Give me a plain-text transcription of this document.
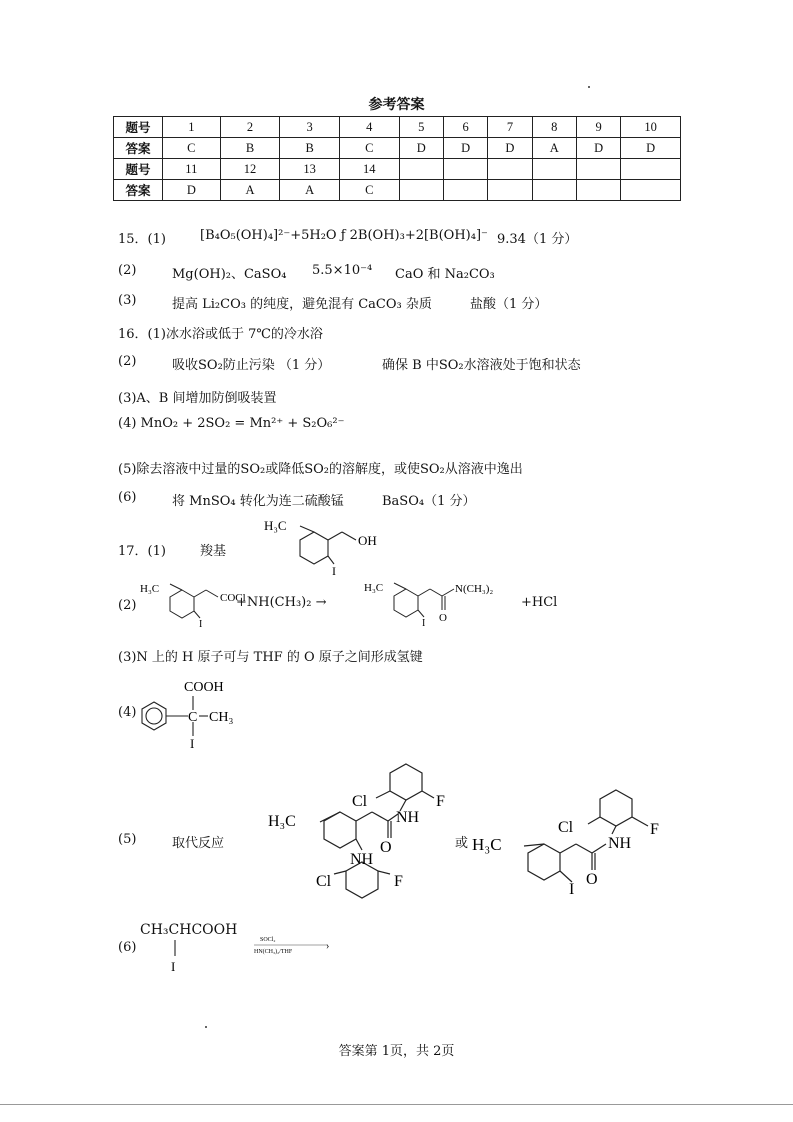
参考答案
题号	1	2	3	4	5	6	7	8	9	10
答案	C	B	B	C	D	D	D	A	D	D
题号	11	12	13	14						
答案	D	A	A	C						
15．(1)	[B₄O₅(OH)₄]²⁻+5H₂O ƒ 2B(OH)₃+2[B(OH)₄]⁻ 9.34（1 分）
(2)	Mg(OH)₂、CaSO₄ 5.5×10⁻⁴ CaO 和 Na₂CO₃
(3)	提高 Li₂CO₃ 的纯度，避免混有 CaCO₃ 杂质	盐酸（1 分）
16．(1)冰水浴或低于 7℃的冷水浴
(2)	吸收SO₂防止污染 （1 分）	确保 B 中SO₂水溶液处于饱和状态
(3)A、B 间增加防倒吸装置
(4) MnO₂ + 2SO₂ = Mn²⁺ + S₂O₆²⁻
(5)除去溶液中过量的SO₂或降低SO₂的溶解度，或使SO₂从溶液中逸出
(6)	将 MnSO₄ 转化为连二硫酸锰	BaSO₄（1 分）
17．(1)	羧基
H₃C
OH
I
(2)
H₃C
COCl
I
+NH(CH₃)₂ →
H₃C	N(CH₃)₂
O
I
+HCl
(3)N 上的 H 原子可与 THF 的 O 原子之间形成氢键
(4)
COOH
C CH₃
I
(5)	取代反应
H₃C
Cl	F
NH
O
NH
Cl	F
或 H₃C
Cl	F
NH
O
I
(6)
CH₃CHCOOH
I
SOCl₂
HN(CH₃)₂/THF	›
答案第 1页，共 2页
